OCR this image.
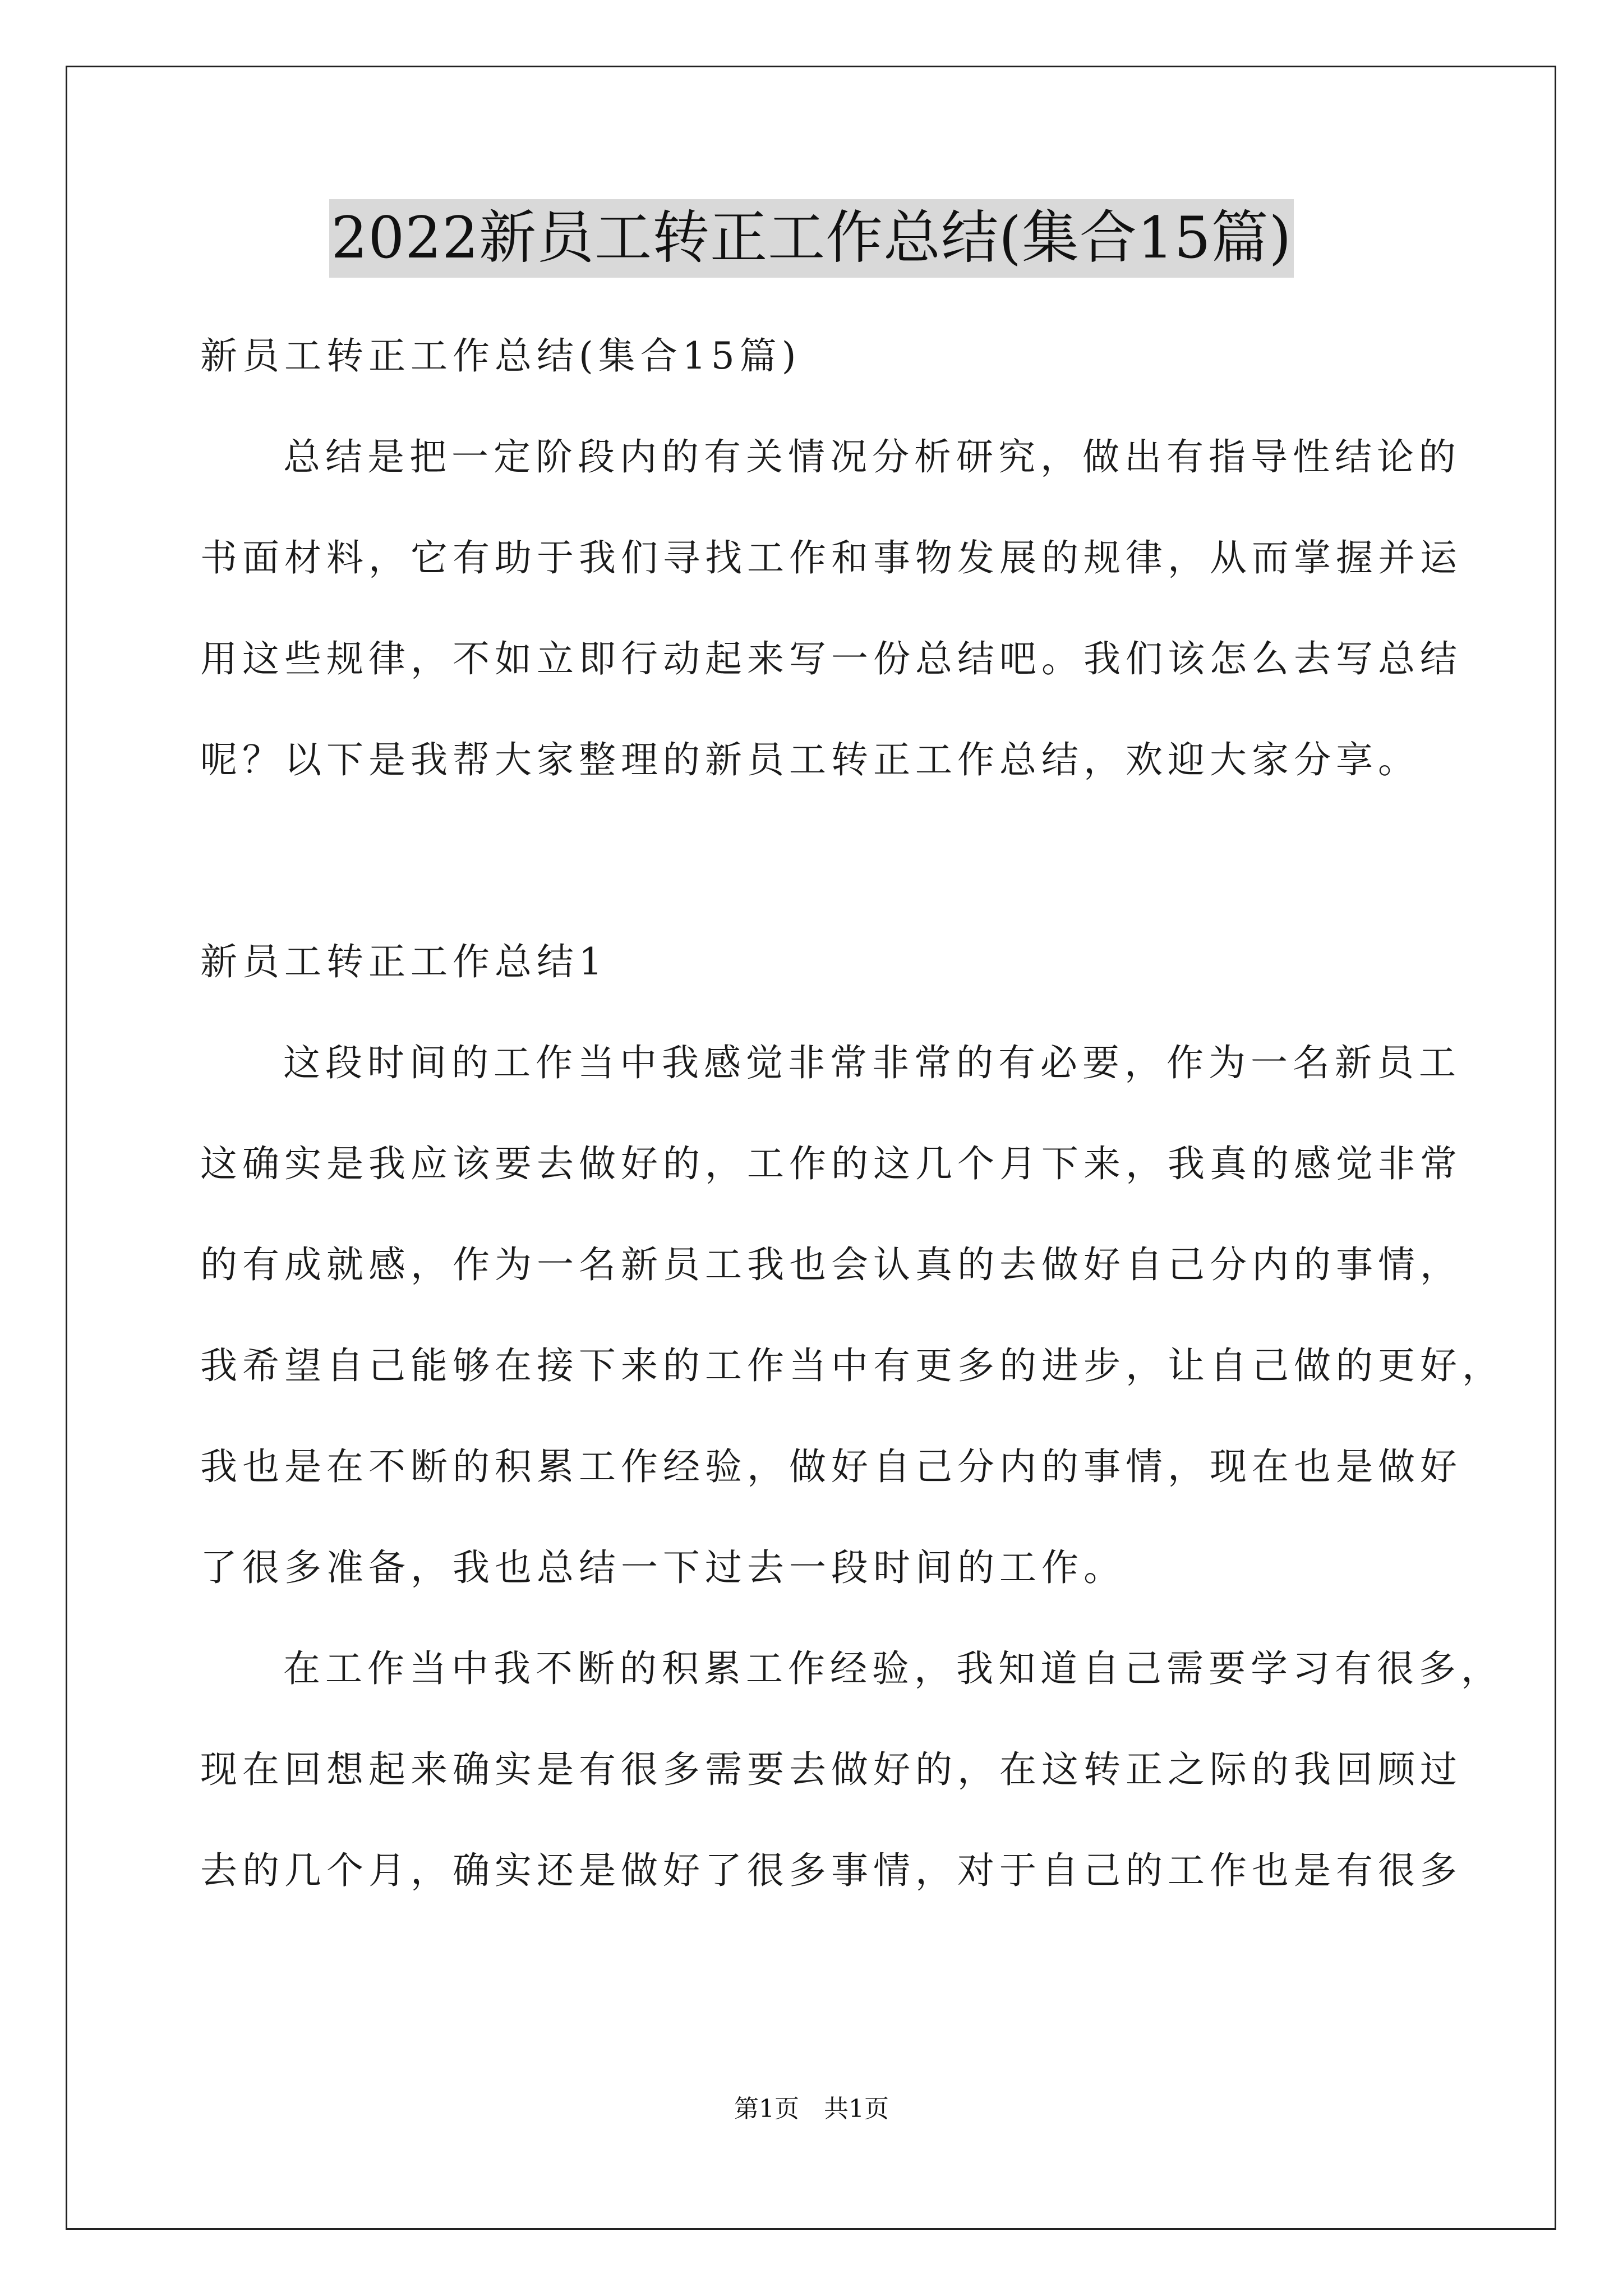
2022新员工转正工作总结(集合15篇)
新员工转正工作总结(集合15篇)
总结是把一定阶段内的有关情况分析研究，做出有指导性结论的
书面材料，它有助于我们寻找工作和事物发展的规律，从而掌握并运
用这些规律，不如立即行动起来写一份总结吧。我们该怎么去写总结
呢？以下是我帮大家整理的新员工转正工作总结，欢迎大家分享。
新员工转正工作总结1
这段时间的工作当中我感觉非常非常的有必要，作为一名新员工
这确实是我应该要去做好的，工作的这几个月下来，我真的感觉非常
的有成就感，作为一名新员工我也会认真的去做好自己分内的事情，
我希望自己能够在接下来的工作当中有更多的进步，让自己做的更好，
我也是在不断的积累工作经验，做好自己分内的事情，现在也是做好
了很多准备，我也总结一下过去一段时间的工作。
在工作当中我不断的积累工作经验，我知道自己需要学习有很多，
现在回想起来确实是有很多需要去做好的，在这转正之际的我回顾过
去的几个月，确实还是做好了很多事情，对于自己的工作也是有很多
第1页　共1页
